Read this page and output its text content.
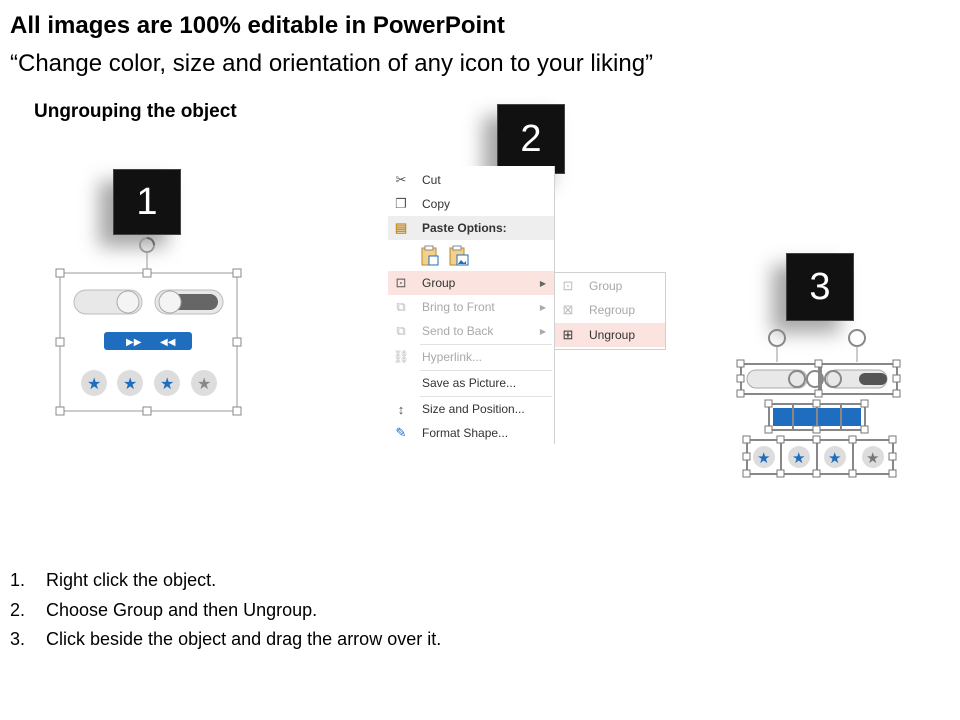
All images are 100% editable in PowerPoint
“Change color, size and orientation of any icon to your liking”
Ungrouping the object
1
2
3
▶▶ ◀◀
★ ★ ★ ★
✂	Cut
❐	Copy
▤	Paste Options:
⊡	Group	▶
⧉	Bring to Front	▶
⧉	Send to Back	▶
⛓	Hyperlink...
Save as Picture...
↕	Size and Position...
✎	Format Shape...
⊡	Group
⊠	Regroup
⊞	Ungroup
★ ★ ★ ★
1.	Right click the object.
2.	Choose Group and then Ungroup.
3.	Click beside the object and drag the arrow over it.
